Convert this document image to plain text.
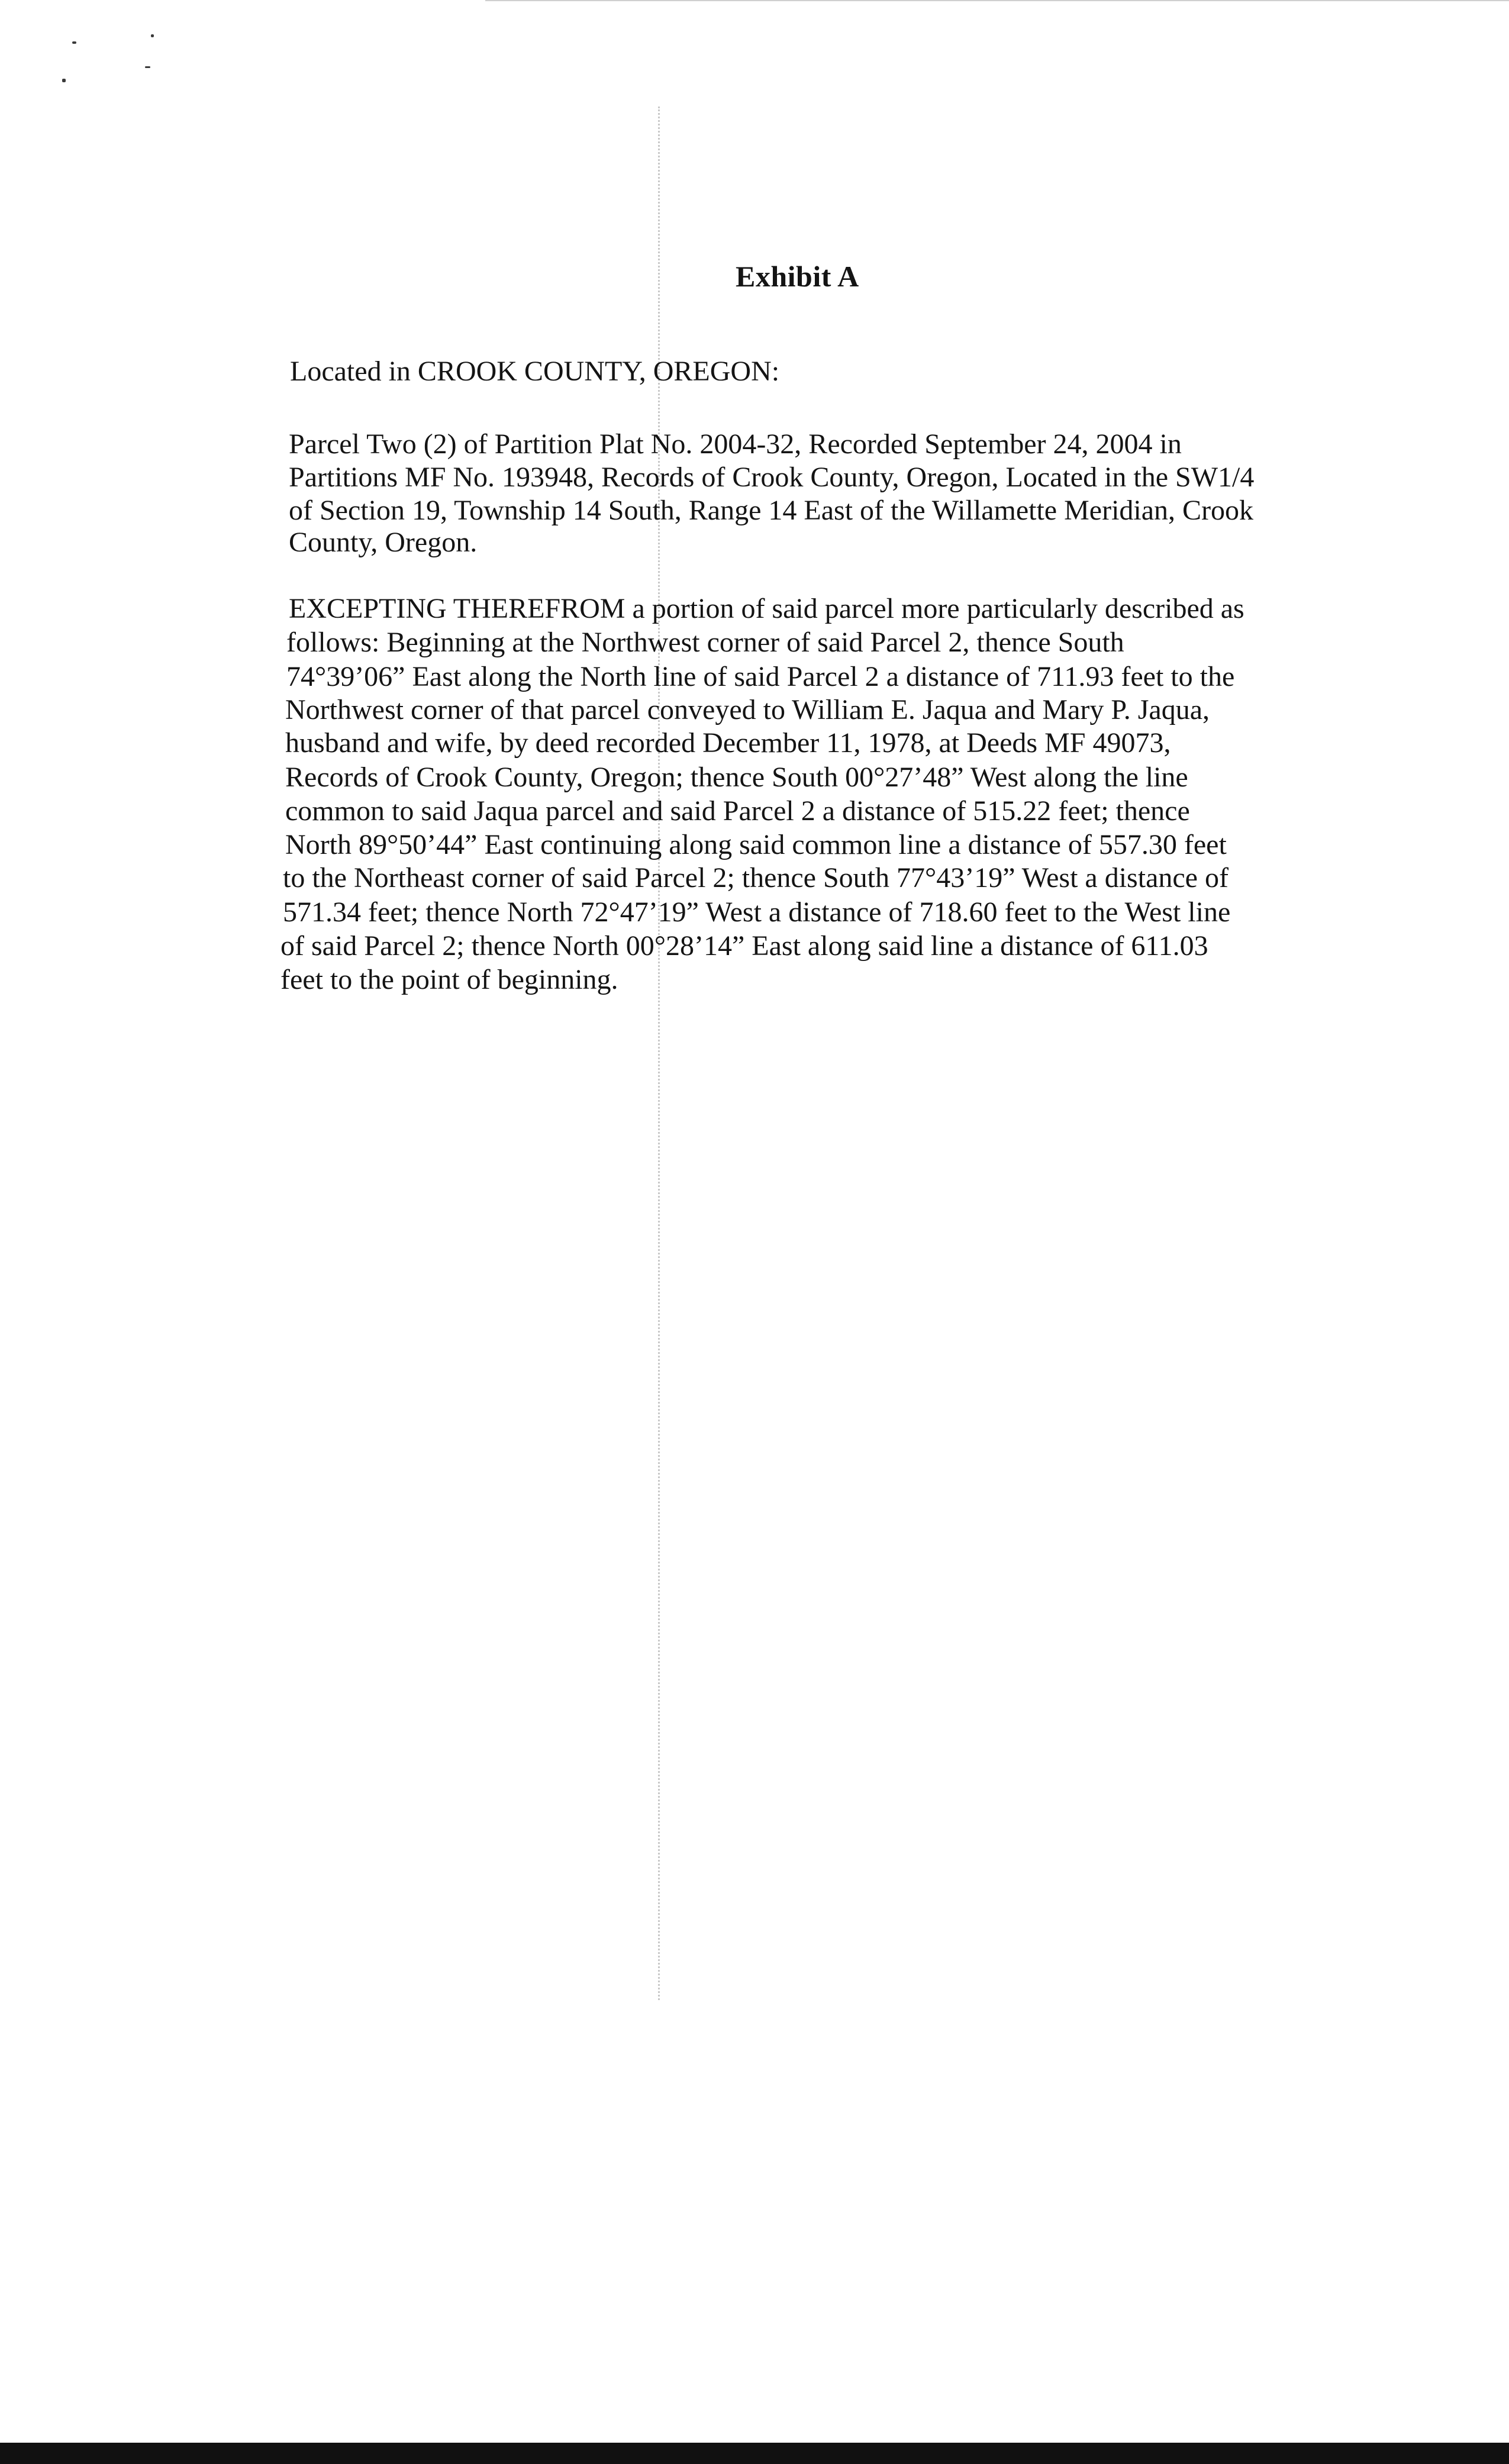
Exhibit A
Located in CROOK COUNTY, OREGON:
Parcel Two (2) of Partition Plat No. 2004-32, Recorded September 24, 2004 in
Partitions MF No. 193948, Records of Crook County, Oregon, Located in the SW1/4
of Section 19, Township 14 South, Range 14 East of the Willamette Meridian, Crook
County, Oregon.
EXCEPTING THEREFROM a portion of said parcel more particularly described as
follows: Beginning at the Northwest corner of said Parcel 2, thence South
74°39’06” East along the North line of said Parcel 2 a distance of 711.93 feet to the
Northwest corner of that parcel conveyed to William E. Jaqua and Mary P. Jaqua,
husband and wife, by deed recorded December 11, 1978, at Deeds MF 49073,
Records of Crook County, Oregon; thence South 00°27’48” West along the line
common to said Jaqua parcel and said Parcel 2 a distance of 515.22 feet; thence
North 89°50’44” East continuing along said common line a distance of 557.30 feet
to the Northeast corner of said Parcel 2; thence South 77°43’19” West a distance of
571.34 feet; thence North 72°47’19” West a distance of 718.60 feet to the West line
of said Parcel 2; thence North 00°28’14” East along said line a distance of 611.03
feet to the point of beginning.
